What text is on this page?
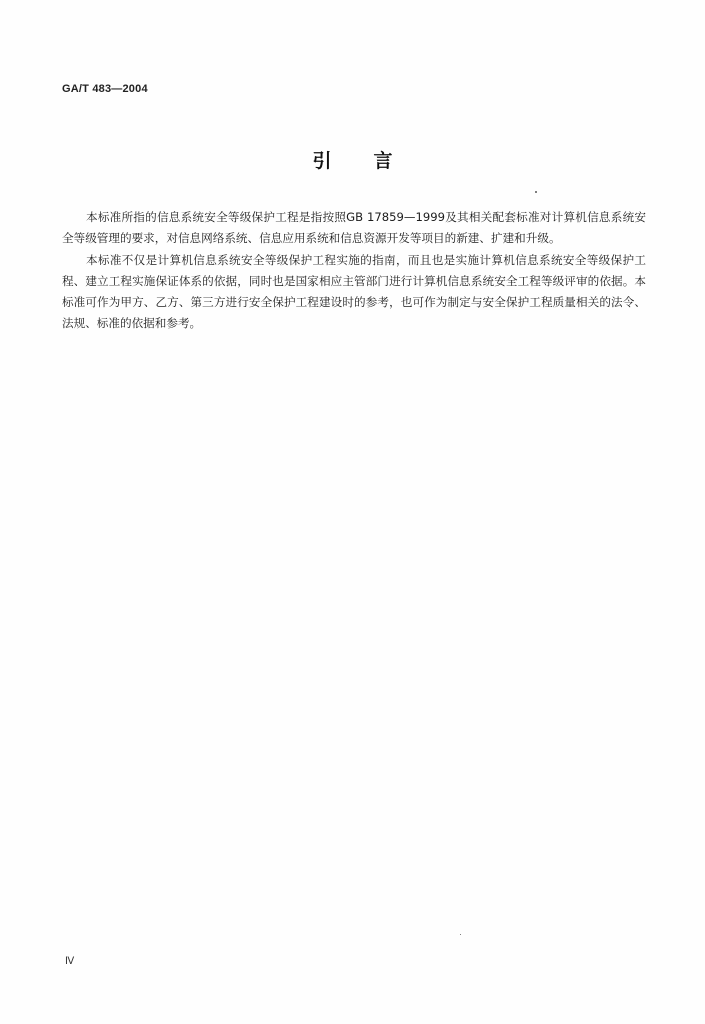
GA/T 483—2004
引言

本标准所指的信息系统安全等级保护工程是指按照GB 17859—1999及其相关配套标准对计算机信息系统安全等级管理的要求，对信息网络系统、信息应用系统和信息资源开发等项目的新建、扩建和升级。

本标准不仅是计算机信息系统安全等级保护工程实施的指南，而且也是实施计算机信息系统安全等级保护工程、建立工程实施保证体系的依据，同时也是国家相应主管部门进行计算机信息系统安全工程等级评审的依据。本标准可作为甲方、乙方、第三方进行安全保护工程建设时的参考，也可作为制定与安全保护工程质量相关的法令、法规、标准的依据和参考。

Ⅳ
